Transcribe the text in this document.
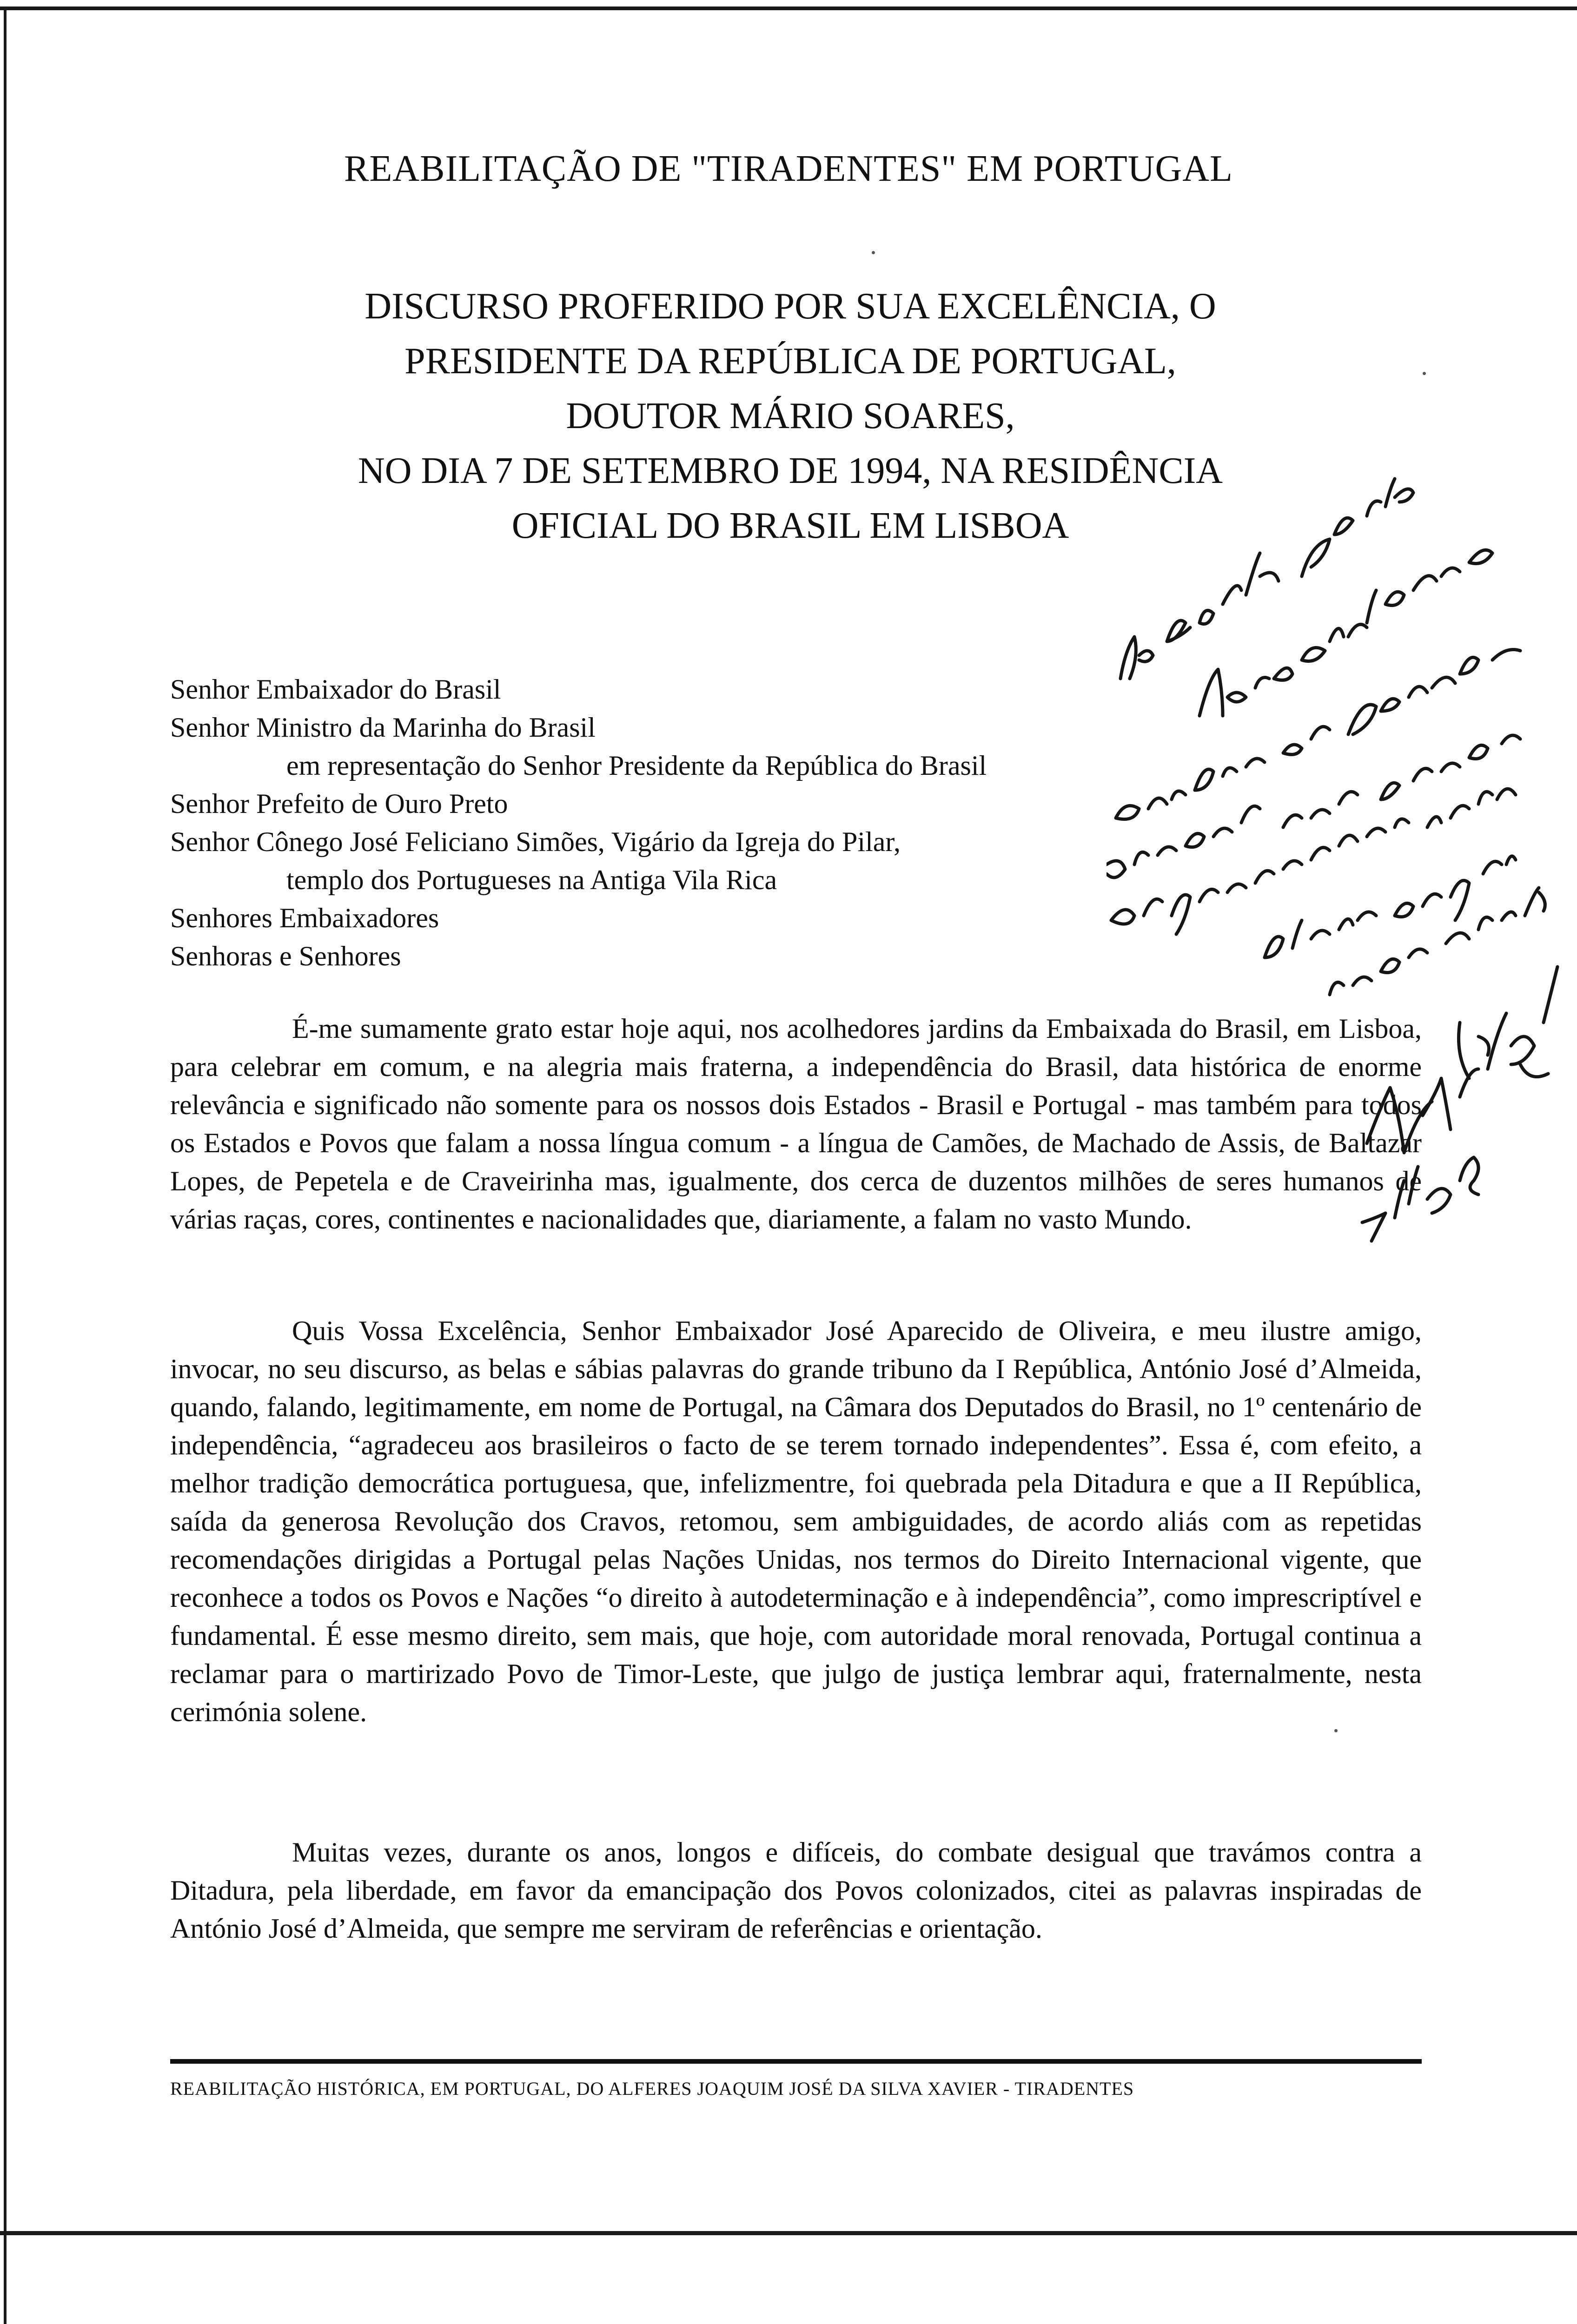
REABILITAÇÃO DE "TIRADENTES" EM PORTUGAL
DISCURSO PROFERIDO POR SUA EXCELÊNCIA, O
PRESIDENTE DA REPÚBLICA DE PORTUGAL,
DOUTOR MÁRIO SOARES,
NO DIA 7 DE SETEMBRO DE 1994, NA RESIDÊNCIA
OFICIAL DO BRASIL EM LISBOA
Senhor Embaixador do Brasil
Senhor Ministro da Marinha do Brasil
em representação do Senhor Presidente da República do Brasil
Senhor Prefeito de Ouro Preto
Senhor Cônego José Feliciano Simões, Vigário da Igreja do Pilar,
templo dos Portugueses na Antiga Vila Rica
Senhores Embaixadores
Senhoras e Senhores

É-me sumamente grato estar hoje aqui, nos acolhedores jardins da Embaixada do Brasil, em Lisboa, para celebrar em comum, e na alegria mais fraterna, a independência do Brasil, data histórica de enorme relevância e significado não somente para os nossos dois Estados - Brasil e Portugal - mas também para todos os Estados e Povos que falam a nossa língua comum - a língua de Camões, de Machado de Assis, de Baltazar Lopes, de Pepetela e de Craveirinha mas, igualmente, dos cerca de duzentos milhões de seres humanos de várias raças, cores, continentes e nacionalidades que, diariamente, a falam no vasto Mundo.

Quis Vossa Excelência, Senhor Embaixador José Aparecido de Oliveira, e meu ilustre amigo, invocar, no seu discurso, as belas e sábias palavras do grande tribuno da I República, António José d’Almeida, quando, falando, legitimamente, em nome de Portugal, na Câmara dos Deputados do Brasil, no 1º centenário de independência, “agradeceu aos brasileiros o facto de se terem tornado independentes”. Essa é, com efeito, a melhor tradição democrática portuguesa, que, infelizmentre, foi quebrada pela Ditadura e que a II República, saída da generosa Revolução dos Cravos, retomou, sem ambiguidades, de acordo aliás com as repetidas recomendações dirigidas a Portugal pelas Nações Unidas, nos termos do Direito Internacional vigente, que reconhece a todos os Povos e Nações “o direito à autodeterminação e à independência”, como imprescriptível e fundamental. É esse mesmo direito, sem mais, que hoje, com autoridade moral renovada, Portugal continua a reclamar para o martirizado Povo de Timor-Leste, que julgo de justiça lembrar aqui, fraternalmente, nesta cerimónia solene.

Muitas vezes, durante os anos, longos e difíceis, do combate desigual que travámos contra a Ditadura, pela liberdade, em favor da emancipação dos Povos colonizados, citei as palavras inspiradas de António José d’Almeida, que sempre me serviram de referências e orientação.

REABILITAÇÃO HISTÓRICA, EM PORTUGAL, DO ALFERES JOAQUIM JOSÉ DA SILVA XAVIER - TIRADENTES
